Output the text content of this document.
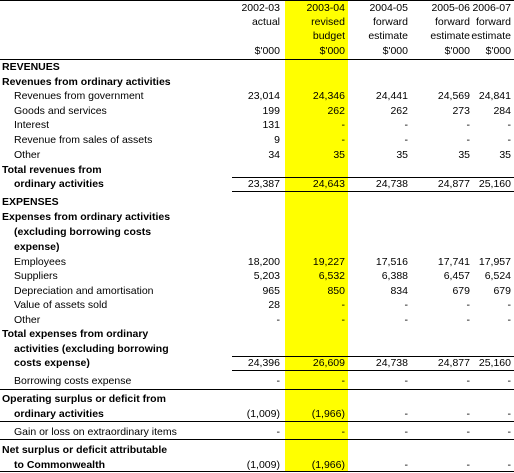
2002-03
actual
$'000
2003-04
revised
budget
$'000
2004-05
forward
estimate
$'000
2005-06
forward
estimate
$'000
2006-07
forward
estimate
$'000
REVENUES
Revenues from ordinary activities
Revenues from government	23,014	24,346	24,441	24,569 24,841
Goods and services	199	262	262	273	284
Interest	131	-	-	-	-
Revenue from sales of assets	9	-	-	-	-
Other	34	35	35	35	35
Total revenues from
ordinary activities	23,387	24,643	24,738	24,877 25,160
EXPENSES
Expenses from ordinary activities
(excluding borrowing costs
expense)
Employees	18,200	19,227	17,516	17,741 17,957
Suppliers	5,203	6,532	6,388	6,457	6,524
Depreciation and amortisation	965	850	834	679	679
Value of assets sold	28	-	-	-	-
Other	-	-	-	-	-
Total expenses from ordinary
activities (excluding borrowing
costs expense)	24,396	26,609	24,738	24,877 25,160
Borrowing costs expense	-	-	-	-	-
Operating surplus or deficit from
ordinary activities	(1,009)	(1,966)	-	-	-
Gain or loss on extraordinary items	-	-	-	-	-
Net surplus or deficit attributable
to Commonwealth	(1,009)	(1,966)	-	-	-
